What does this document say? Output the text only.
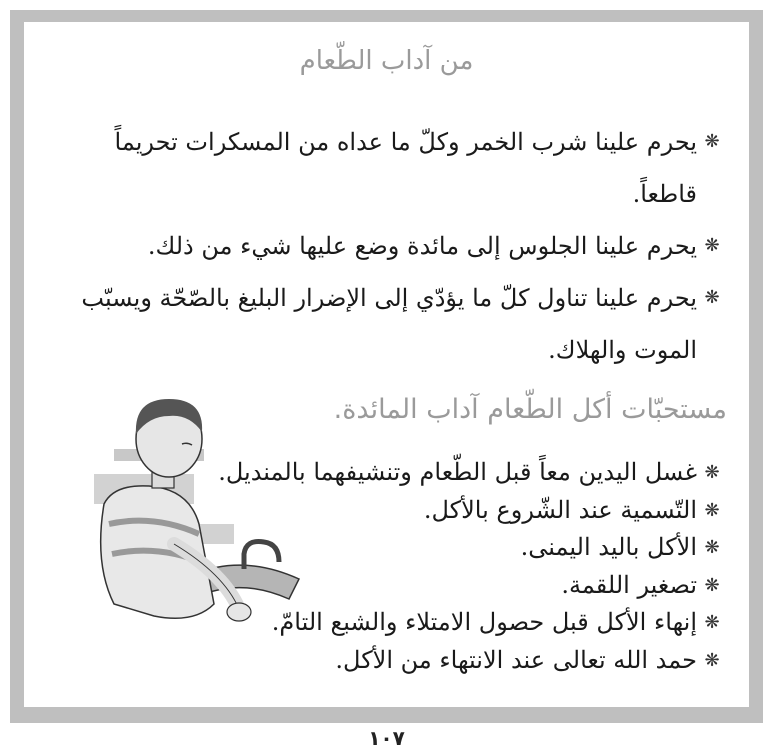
من آداب الطّعام
❋
يحرم علينا شرب الخمر وكلّ ما عداه من المسكرات تحريماً قاطعاً.
❋
يحرم علينا الجلوس إلى مائدة وضع عليها شيء من ذلك.
❋
يحرم علينا تناول كلّ ما يؤدّي إلى الإضرار البليغ بالصّحّة ويسبّب الموت والهلاك.
مستحبّات أكل الطّعام آداب المائدة.
❋
غسل اليدين معاً قبل الطّعام وتنشيفهما بالمنديل.
❋
التّسمية عند الشّروع بالأكل.
❋
الأكل باليد اليمنى.
❋
تصغير اللقمة.
❋
إنهاء الأكل قبل حصول الامتلاء والشبع التامّ.
❋
حمد الله تعالى عند الانتهاء من الأكل.
١٠٧
